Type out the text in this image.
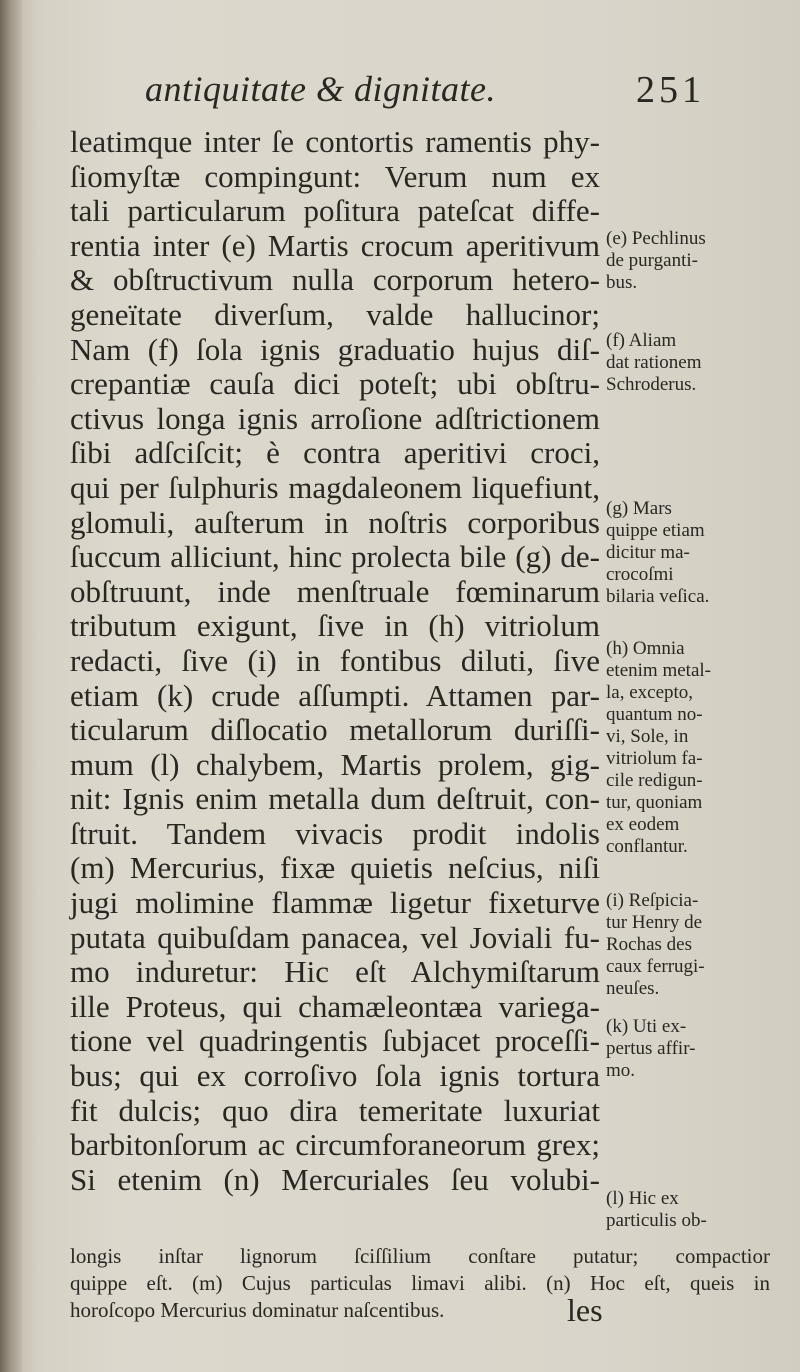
antiquitate & dignitate.	251
leatimque inter ſe contortis ramentis phy-
ſiomyſtæ compingunt: Verum num ex
tali particularum poſitura pateſcat diffe-
rentia inter (e) Martis crocum aperitivum
& obſtructivum nulla corporum hetero-
geneïtate diverſum, valde hallucinor;
Nam (f) ſola ignis graduatio hujus diſ-
crepantiæ cauſa dici poteſt; ubi obſtru-
ctivus longa ignis arroſione adſtrictionem
ſibi adſciſcit; è contra aperitivi croci,
qui per ſulphuris magdaleonem liquefiunt,
glomuli, auſterum in noſtris corporibus
ſuccum alliciunt, hinc prolecta bile (g) de-
obſtruunt, inde menſtruale fœminarum
tributum exigunt, ſive in (h) vitriolum
redacti, ſive (i) in fontibus diluti, ſive
etiam (k) crude aſſumpti. Attamen par-
ticularum diſlocatio metallorum duriſſi-
mum (l) chalybem, Martis prolem, gig-
nit: Ignis enim metalla dum deſtruit, con-
ſtruit. Tandem vivacis prodit indolis
(m) Mercurius, fixæ quietis neſcius, niſi
jugi molimine flammæ ligetur fixeturve
putata quibuſdam panacea, vel Joviali fu-
mo induretur: Hic eſt Alchymiſtarum
ille Proteus, qui chamæleontæa variega-
tione vel quadringentis ſubjacet proceſſi-
bus; qui ex corroſivo ſola ignis tortura
fit dulcis; quo dira temeritate luxuriat
barbitonſorum ac circumforaneorum grex;
Si etenim (n) Mercuriales ſeu volubi-
(e) Pechlinus
de purganti-
bus.
(f) Aliam
dat rationem
Schroderus.
(g) Mars
quippe etiam
dicitur ma-
crocoſmi
bilaria veſica.
(h) Omnia
etenim metal-
la, excepto,
quantum no-
vi, Sole, in
vitriolum fa-
cile redigun-
tur, quoniam
ex eodem
conflantur.
(i) Reſpicia-
tur Henry de
Rochas des
caux ferrugi-
neuſes.
(k) Uti ex-
pertus affir-
mo.
(l) Hic ex
particulis ob-
longis inſtar lignorum ſciſſilium conſtare putatur; compactior
quippe eſt. (m) Cujus particulas limavi alibi. (n) Hoc eſt, queis in
horoſcopo Mercurius dominatur naſcentibus.	les
